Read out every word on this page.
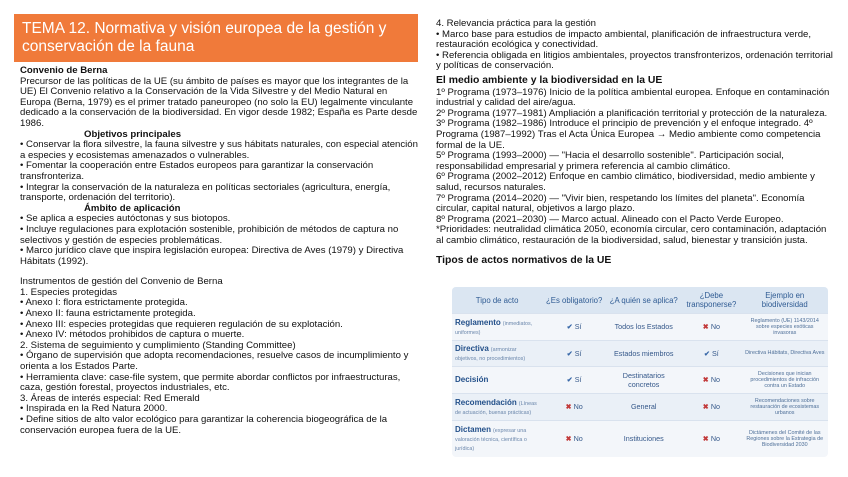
TEMA 12. Normativa y visión europea de la gestión y conservación de la fauna

Convenio de Berna

Precursor de las políticas de la UE (su ámbito de países es mayor que los integrantes de la UE) El Convenio relativo a la Conservación de la Vida Silvestre y del Medio Natural en Europa (Berna, 1979) es el primer tratado paneuropeo (no solo la EU) legalmente vinculante dedicado a la conservación de la biodiversidad. En vigor desde 1982; España es Parte desde 1986.

Objetivos principales

• Conservar la flora silvestre, la fauna silvestre y sus hábitats naturales, con especial atención a especies y ecosistemas amenazados o vulnerables.

• Fomentar la cooperación entre Estados europeos para garantizar la conservación transfronteriza.

• Integrar la conservación de la naturaleza en políticas sectoriales (agricultura, energía, transporte, ordenación del territorio).

Ámbito de aplicación

• Se aplica a especies autóctonas y sus biotopos.

• Incluye regulaciones para explotación sostenible, prohibición de métodos de captura no selectivos y gestión de especies problemáticas.

• Marco jurídico clave que inspira legislación europea: Directiva de Aves (1979) y Directiva Hábitats (1992).

Instrumentos de gestión del Convenio de Berna

1. Especies protegidas

• Anexo I: flora estrictamente protegida.

• Anexo II: fauna estrictamente protegida.

• Anexo III: especies protegidas que requieren regulación de su explotación.

• Anexo IV: métodos prohibidos de captura o muerte.

2. Sistema de seguimiento y cumplimiento (Standing Committee)

• Órgano de supervisión que adopta recomendaciones, resuelve casos de incumplimiento y orienta a los Estados Parte.

• Herramienta clave: case-file system, que permite abordar conflictos por infraestructuras, caza, gestión forestal, proyectos industriales, etc.

3. Áreas de interés especial: Red Emerald

• Inspirada en la Red Natura 2000.

• Define sitios de alto valor ecológico para garantizar la coherencia biogeográfica de la conservación europea fuera de la UE.

4. Relevancia práctica para la gestión

• Marco base para estudios de impacto ambiental, planificación de infraestructura verde, restauración ecológica y conectividad.

• Referencia obligada en litigios ambientales, proyectos transfronterizos, ordenación territorial y políticas de conservación.

El medio ambiente y la biodiversidad en la UE

1º Programa (1973–1976) Inicio de la política ambiental europea. Enfoque en contaminación industrial y calidad del aire/agua.

2º Programa (1977–1981) Ampliación a planificación territorial y protección de la naturaleza.

3º Programa (1982–1986) Introduce el principio de prevención y el enfoque integrado. 4º Programa (1987–1992) Tras el Acta Única Europea → Medio ambiente como competencia formal de la UE.

5º Programa (1993–2000) — "Hacia el desarrollo sostenible". Participación social, responsabilidad empresarial y primera referencia al cambio climático.

6º Programa (2002–2012) Enfoque en cambio climático, biodiversidad, medio ambiente y salud, recursos naturales.

7º Programa (2014–2020) — "Vivir bien, respetando los límites del planeta". Economía circular, capital natural, objetivos a largo plazo.

8º Programa (2021–2030) — Marco actual. Alineado con el Pacto Verde Europeo. *Prioridades: neutralidad climática 2050, economía circular, cero contaminación, adaptación al cambio climático, restauración de la biodiversidad, salud, bienestar y transición justa.

Tipos de actos normativos de la UE

Tipo de acto	¿Es obligatorio?	¿A quién se aplica?	¿Debe transponerse?	Ejemplo en biodiversidad
Reglamento (inmediatos, uniformes)	✔ Sí	Todos los Estados	✖ No	Reglamento (UE) 1143/2014 sobre especies exóticas invasoras

Directiva (armonizar objetivos, no procedimientos)	✔ Sí	Estados miembros	✔ Sí	Directiva Hábitats, Directiva Aves

Decisión	✔ Sí	Destinatarios concretos	✖ No	Decisiones que inician procedimientos de infracción contra un Estado

Recomendación (Líneas de actuación, buenas prácticas)	✖ No	General	✖ No	Recomendaciones sobre restauración de ecosistemas urbanos

Dictamen (expresar una valoración técnica, científica o jurídica)	✖ No	Instituciones	✖ No	Dictámenes del Comité de las Regiones sobre la Estrategia de Biodiversidad 2030
